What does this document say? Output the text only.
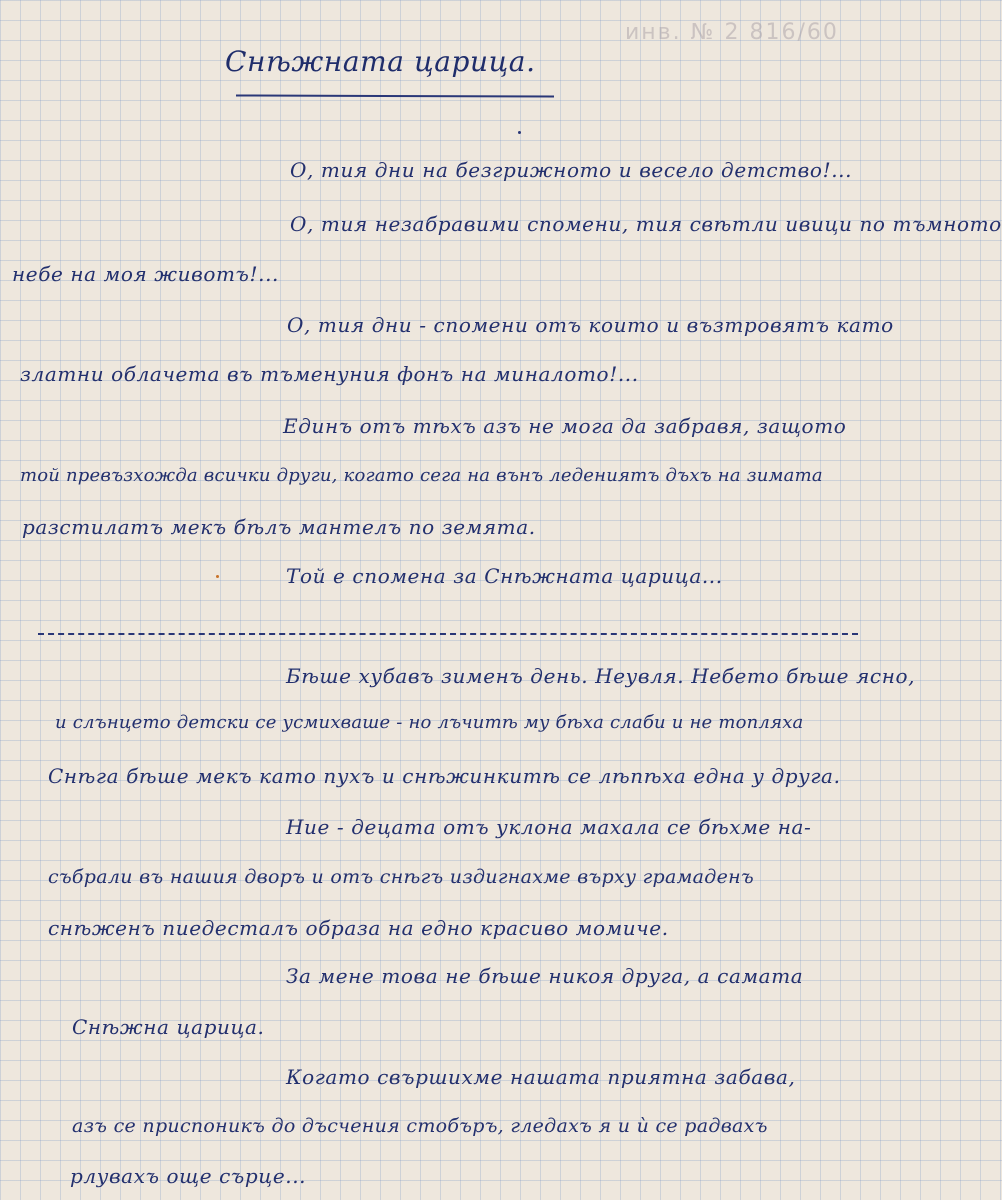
инв. № 2 816/60
Снѣжната царица.
О, тия дни на безгрижното и весело детство!...
О, тия незабравими спомени, тия свѣтли ивици по тъмното
небе на моя животъ!...
О, тия дни - спомени отъ които и възтровятъ като
златни облачета въ тъменуния фонъ на миналото!...
Единъ отъ тѣхъ азъ не мога да забравя, защото
той превъзхожда всички други, когато сега на вънъ ледениятъ дъхъ на зимата
разстилатъ мекъ бѣлъ мантелъ по земята.
Той е спомена за Снѣжната царица...
Бѣше хубавъ зименъ день. Неувля. Небето бѣше ясно,
и слънцето детски се усмихваше - но лъчитѣ му бѣха слаби и не топляха
Снѣга бѣше мекъ като пухъ и снѣжинкитѣ се лѣпѣха една у друга.
Ние - децата отъ уклона махала се бѣхме на-
събрали въ нашия дворъ и отъ снѣгъ издигнахме върху грамаденъ
снѣженъ пиедесталъ образа на едно красиво момиче.
За мене това не бѣше никоя друга, а самата
Снѣжна царица.
Когато свършихме нашата приятна забава,
азъ се приспоникъ до дъсчения стобъръ, гледахъ я и ѝ се радвахъ
рлувахъ още сърце...
